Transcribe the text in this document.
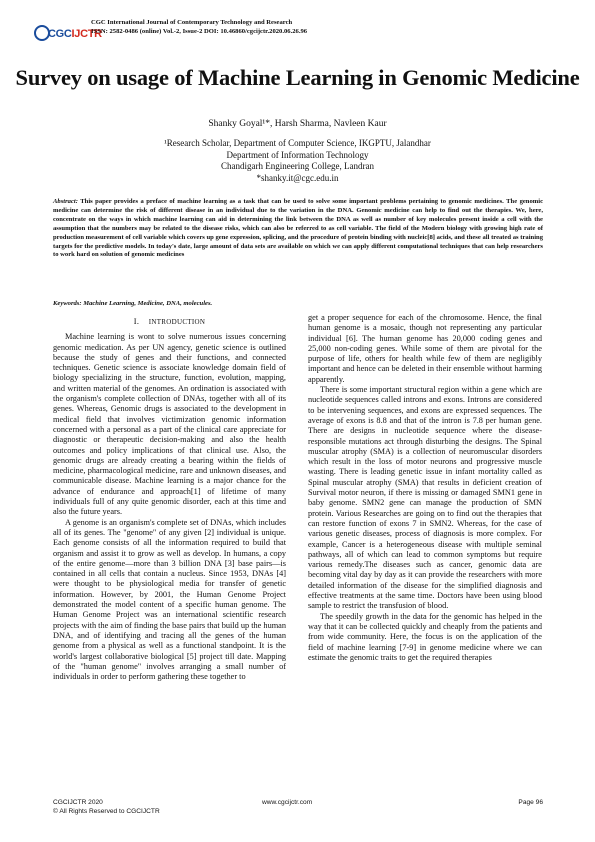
CGCIJCTR
CGC International Journal of Contemporary Technology and Research
ISSN: 2582-0486 (online) Vol.-2, Issue-2 DOI: 10.46860/cgcijctr.2020.06.26.96
Survey on usage of Machine Learning in Genomic Medicine
Shanky Goyal¹*, Harsh Sharma, Navleen Kaur
¹Research Scholar, Department of Computer Science, IKGPTU, Jalandhar
Department of Information Technology
Chandigarh Engineering College, Landran
*shanky.it@cgc.edu.in
Abstract: This paper provides a preface of machine learning as a task that can be used to solve some important problems pertaining to genomic medicines. The genomic medicine can determine the risk of different disease in an individual due to the variation in the DNA. Genomic medicine can help to find out the therapies. We, here, concentrate on the ways in which machine learning can aid in determining the link between the DNA as well as number of key molecules present inside a cell with the assumption that the numbers may be related to the disease risks, which can also be referred to as cell variable. The field of the Modern biology with growing high rate of production measurement of cell variable which covers up gene expression, splicing, and the procedure of protein binding with nucleic[8] acids, and these all treated as training targets for the predictive models. In today's date, large amount of data sets are available on which we can apply different computational techniques that can help researchers to work hard on solution of genomic medicines
Keywords: Machine Learning, Medicine, DNA, molecules.
I. INTRODUCTION

Machine learning is wont to solve numerous issues concerning genomic medication. As per UN agency, genetic science is outlined because the study of genes and their functions, and connected techniques. Genetic science is associate knowledge domain field of biology specializing in the structure, function, evolution, mapping, and written material of the genomes. An ordination is associated with the organism's complete collection of DNAs, together with all of its genes. Whereas, Genomic drugs is associated to the development in medical field that involves victimization genomic information concerned with a personal as a part of the clinical care appreciate for diagnostic or therapeutic decision-making and also the health outcomes and policy implications of that clinical use. Also, the genomic drugs are already creating a bearing within the fields of medicine, pharmacological medicine, rare and unknown diseases, and communicable disease. Machine learning is a major chance for the advance of endurance and approach[1] of lifetime of many individuals full of any quite genomic disorder, each at this time and also the future years.

A genome is an organism's complete set of DNAs, which includes all of its genes. The "genome" of any given [2] individual is unique. Each genome consists of all the information required to build that organism and assist it to grow as well as develop. In humans, a copy of the entire genome—more than 3 billion DNA [3] base pairs—is contained in all cells that contain a nucleus. Since 1953, DNAs [4] were thought to be physiological media for transfer of genetic information. However, by 2001, the Human Genome Project demonstrated the model content of a specific human genome. The Human Genome Project was an international scientific research projects with the aim of finding the base pairs that build up the human DNA, and of identifying and tracing all the genes of the human genome from a physical as well as a functional standpoint. It is the world's largest collaborative biological [5] project till date. Mapping of the "human genome" involves arranging a small number of individuals in order to perform gathering these together to

get a proper sequence for each of the chromosome. Hence, the final human genome is a mosaic, though not representing any particular individual [6]. The human genome has 20,000 coding genes and 25,000 non-coding genes. While some of them are pivotal for the purpose of life, others for health while few of them are negligibly important and hence can be deleted in their ensemble without harming apparently.

There is some important structural region within a gene which are nucleotide sequences called introns and exons. Introns are considered to be intervening sequences, and exons are expressed sequences. The average of exons is 8.8 and that of the intron is 7.8 per human gene. There are designs in nucleotide sequence where the disease-responsible mutations act through disturbing the designs. The Spinal muscular atrophy (SMA) is a collection of neuromuscular disorders which result in the loss of motor neurons and progressive muscle wasting. There is leading genetic issue in infant mortality called as Spinal muscular atrophy (SMA) that results in deficient creation of Survival motor neuron, if there is missing or damaged SMN1 gene in baby genome. SMN2 gene can manage the production of SMN protein. Various Researches are going on to find out the therapies that can restore function of exons 7 in SMN2. Whereas, for the case of various genetic diseases, process of diagnosis is more complex. For example, Cancer is a heterogeneous disease with multiple seminal pathways, all of which can lead to common symptoms but require various remedy.The diseases such as cancer, genomic data are becoming vital day by day as it can provide the researchers with more detailed information of the disease for the simplified diagnosis and effective treatments at the same time. Doctors have been using blood sample to restrict the transfusion of blood.

The speedily growth in the data for the genomic has helped in the way that it can be collected quickly and cheaply from the patients and from wide community. Here, the focus is on the application of the field of machine learning [7-9] in genome medicine where we can estimate the genomic traits to get the required therapies

CGCIJCTR 2020
© All Rights Reserved to CGCIJCTR
www.cgcijctr.com	Page 96
